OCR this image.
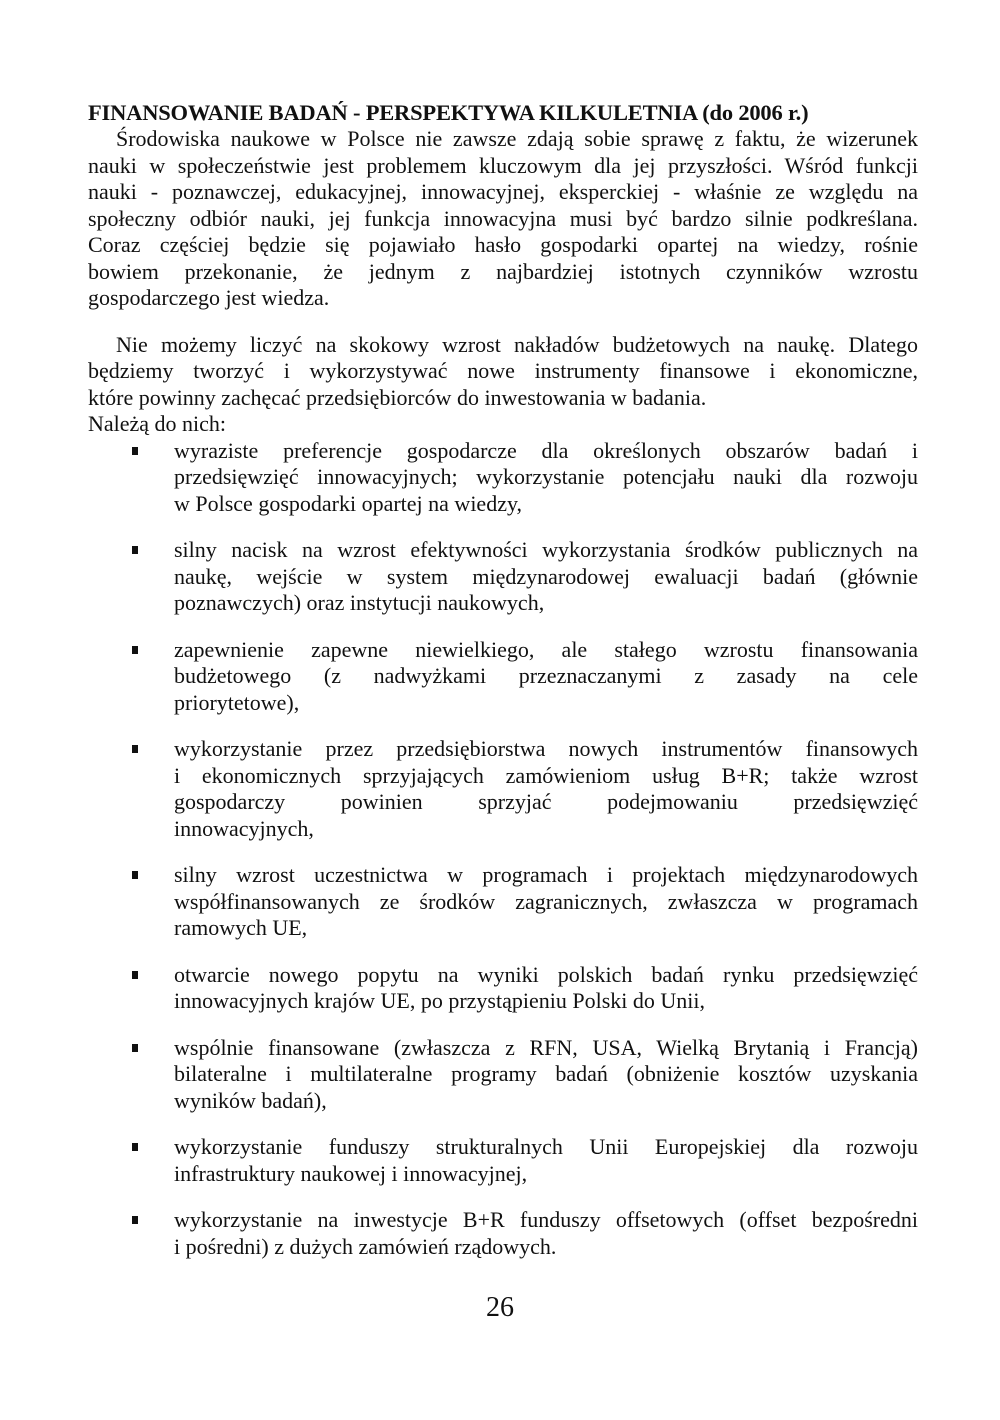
FINANSOWANIE BADAŃ - PERSPEKTYWA KILKULETNIA (do 2006 r.)
Środowiska naukowe w Polsce nie zawsze zdają sobie sprawę z faktu, że wizerunek
nauki w społeczeństwie jest problemem kluczowym dla jej przyszłości. Wśród funkcji
nauki - poznawczej, edukacyjnej, innowacyjnej, eksperckiej - właśnie ze względu na
społeczny odbiór nauki, jej funkcja innowacyjna musi być bardzo silnie podkreślana.
Coraz częściej będzie się pojawiało hasło gospodarki opartej na wiedzy, rośnie
bowiem przekonanie, że jednym z najbardziej istotnych czynników wzrostu
gospodarczego jest wiedza.
Nie możemy liczyć na skokowy wzrost nakładów budżetowych na naukę. Dlatego
będziemy tworzyć i wykorzystywać nowe instrumenty finansowe i ekonomiczne,
które powinny zachęcać przedsiębiorców do inwestowania w badania.
Należą do nich:
wyraziste preferencje gospodarcze dla określonych obszarów badań i
przedsięwzięć innowacyjnych; wykorzystanie potencjału nauki dla rozwoju
w Polsce gospodarki opartej na wiedzy,
silny nacisk na wzrost efektywności wykorzystania środków publicznych na
naukę, wejście w system międzynarodowej ewaluacji badań (głównie
poznawczych) oraz instytucji naukowych,
zapewnienie zapewne niewielkiego, ale stałego wzrostu finansowania
budżetowego (z nadwyżkami przeznaczanymi z zasady na cele
priorytetowe),
wykorzystanie przez przedsiębiorstwa nowych instrumentów finansowych
i ekonomicznych sprzyjających zamówieniom usług B+R; także wzrost
gospodarczy powinien sprzyjać podejmowaniu przedsięwzięć
innowacyjnych,
silny wzrost uczestnictwa w programach i projektach międzynarodowych
współfinansowanych ze środków zagranicznych, zwłaszcza w programach
ramowych UE,
otwarcie nowego popytu na wyniki polskich badań rynku przedsięwzięć
innowacyjnych krajów UE, po przystąpieniu Polski do Unii,
wspólnie finansowane (zwłaszcza z RFN, USA, Wielką Brytanią i Francją)
bilateralne i multilateralne programy badań (obniżenie kosztów uzyskania
wyników badań),
wykorzystanie funduszy strukturalnych Unii Europejskiej dla rozwoju
infrastruktury naukowej i innowacyjnej,
wykorzystanie na inwestycje B+R funduszy offsetowych (offset bezpośredni
i pośredni) z dużych zamówień rządowych.
26
